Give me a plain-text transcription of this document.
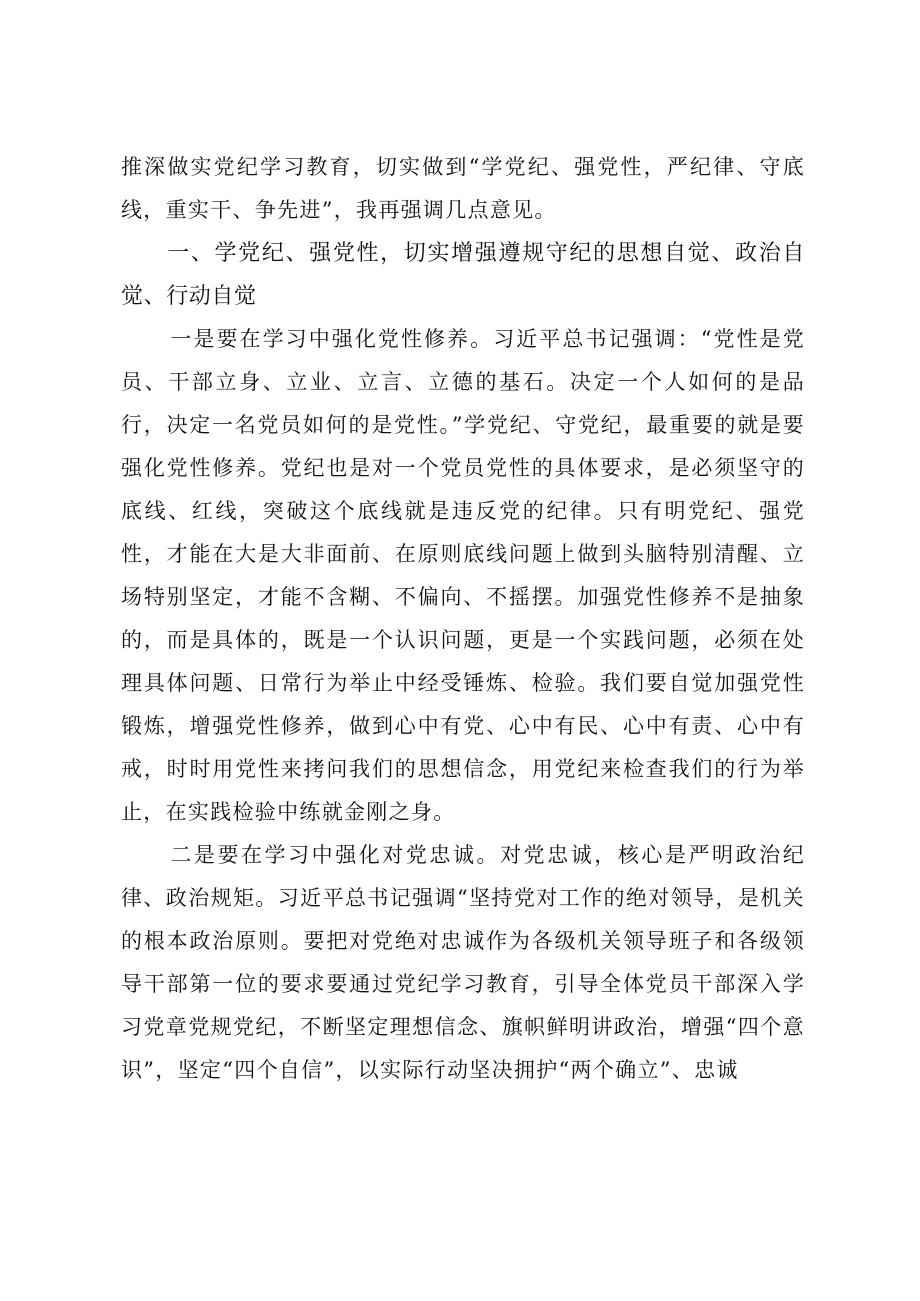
推深做实党纪学习教育，切实做到“学党纪、强党性，严纪律、守底线，重实干、争先进”，我再强调几点意见。

一、学党纪、强党性，切实增强遵规守纪的思想自觉、政治自觉、行动自觉

一是要在学习中强化党性修养。习近平总书记强调：“党性是党员、干部立身、立业、立言、立德的基石。决定一个人如何的是品行，决定一名党员如何的是党性。”学党纪、守党纪，最重要的就是要强化党性修养。党纪也是对一个党员党性的具体要求，是必须坚守的底线、红线，突破这个底线就是违反党的纪律。只有明党纪、强党性，才能在大是大非面前、在原则底线问题上做到头脑特别清醒、立场特别坚定，才能不含糊、不偏向、不摇摆。加强党性修养不是抽象的，而是具体的，既是一个认识问题，更是一个实践问题，必须在处理具体问题、日常行为举止中经受锤炼、检验。我们要自觉加强党性锻炼，增强党性修养，做到心中有党、心中有民、心中有责、心中有戒，时时用党性来拷问我们的思想信念，用党纪来检查我们的行为举止，在实践检验中练就金刚之身。

二是要在学习中强化对党忠诚。对党忠诚，核心是严明政治纪律、政治规矩。习近平总书记强调“坚持党对工作的绝对领导，是机关的根本政治原则。要把对党绝对忠诚作为各级机关领导班子和各级领导干部第一位的要求要通过党纪学习教育，引导全体党员干部深入学习党章党规党纪，不断坚定理想信念、旗帜鲜明讲政治，增强“四个意识”，坚定“四个自信”，以实际行动坚决拥护“两个确立”、忠诚
